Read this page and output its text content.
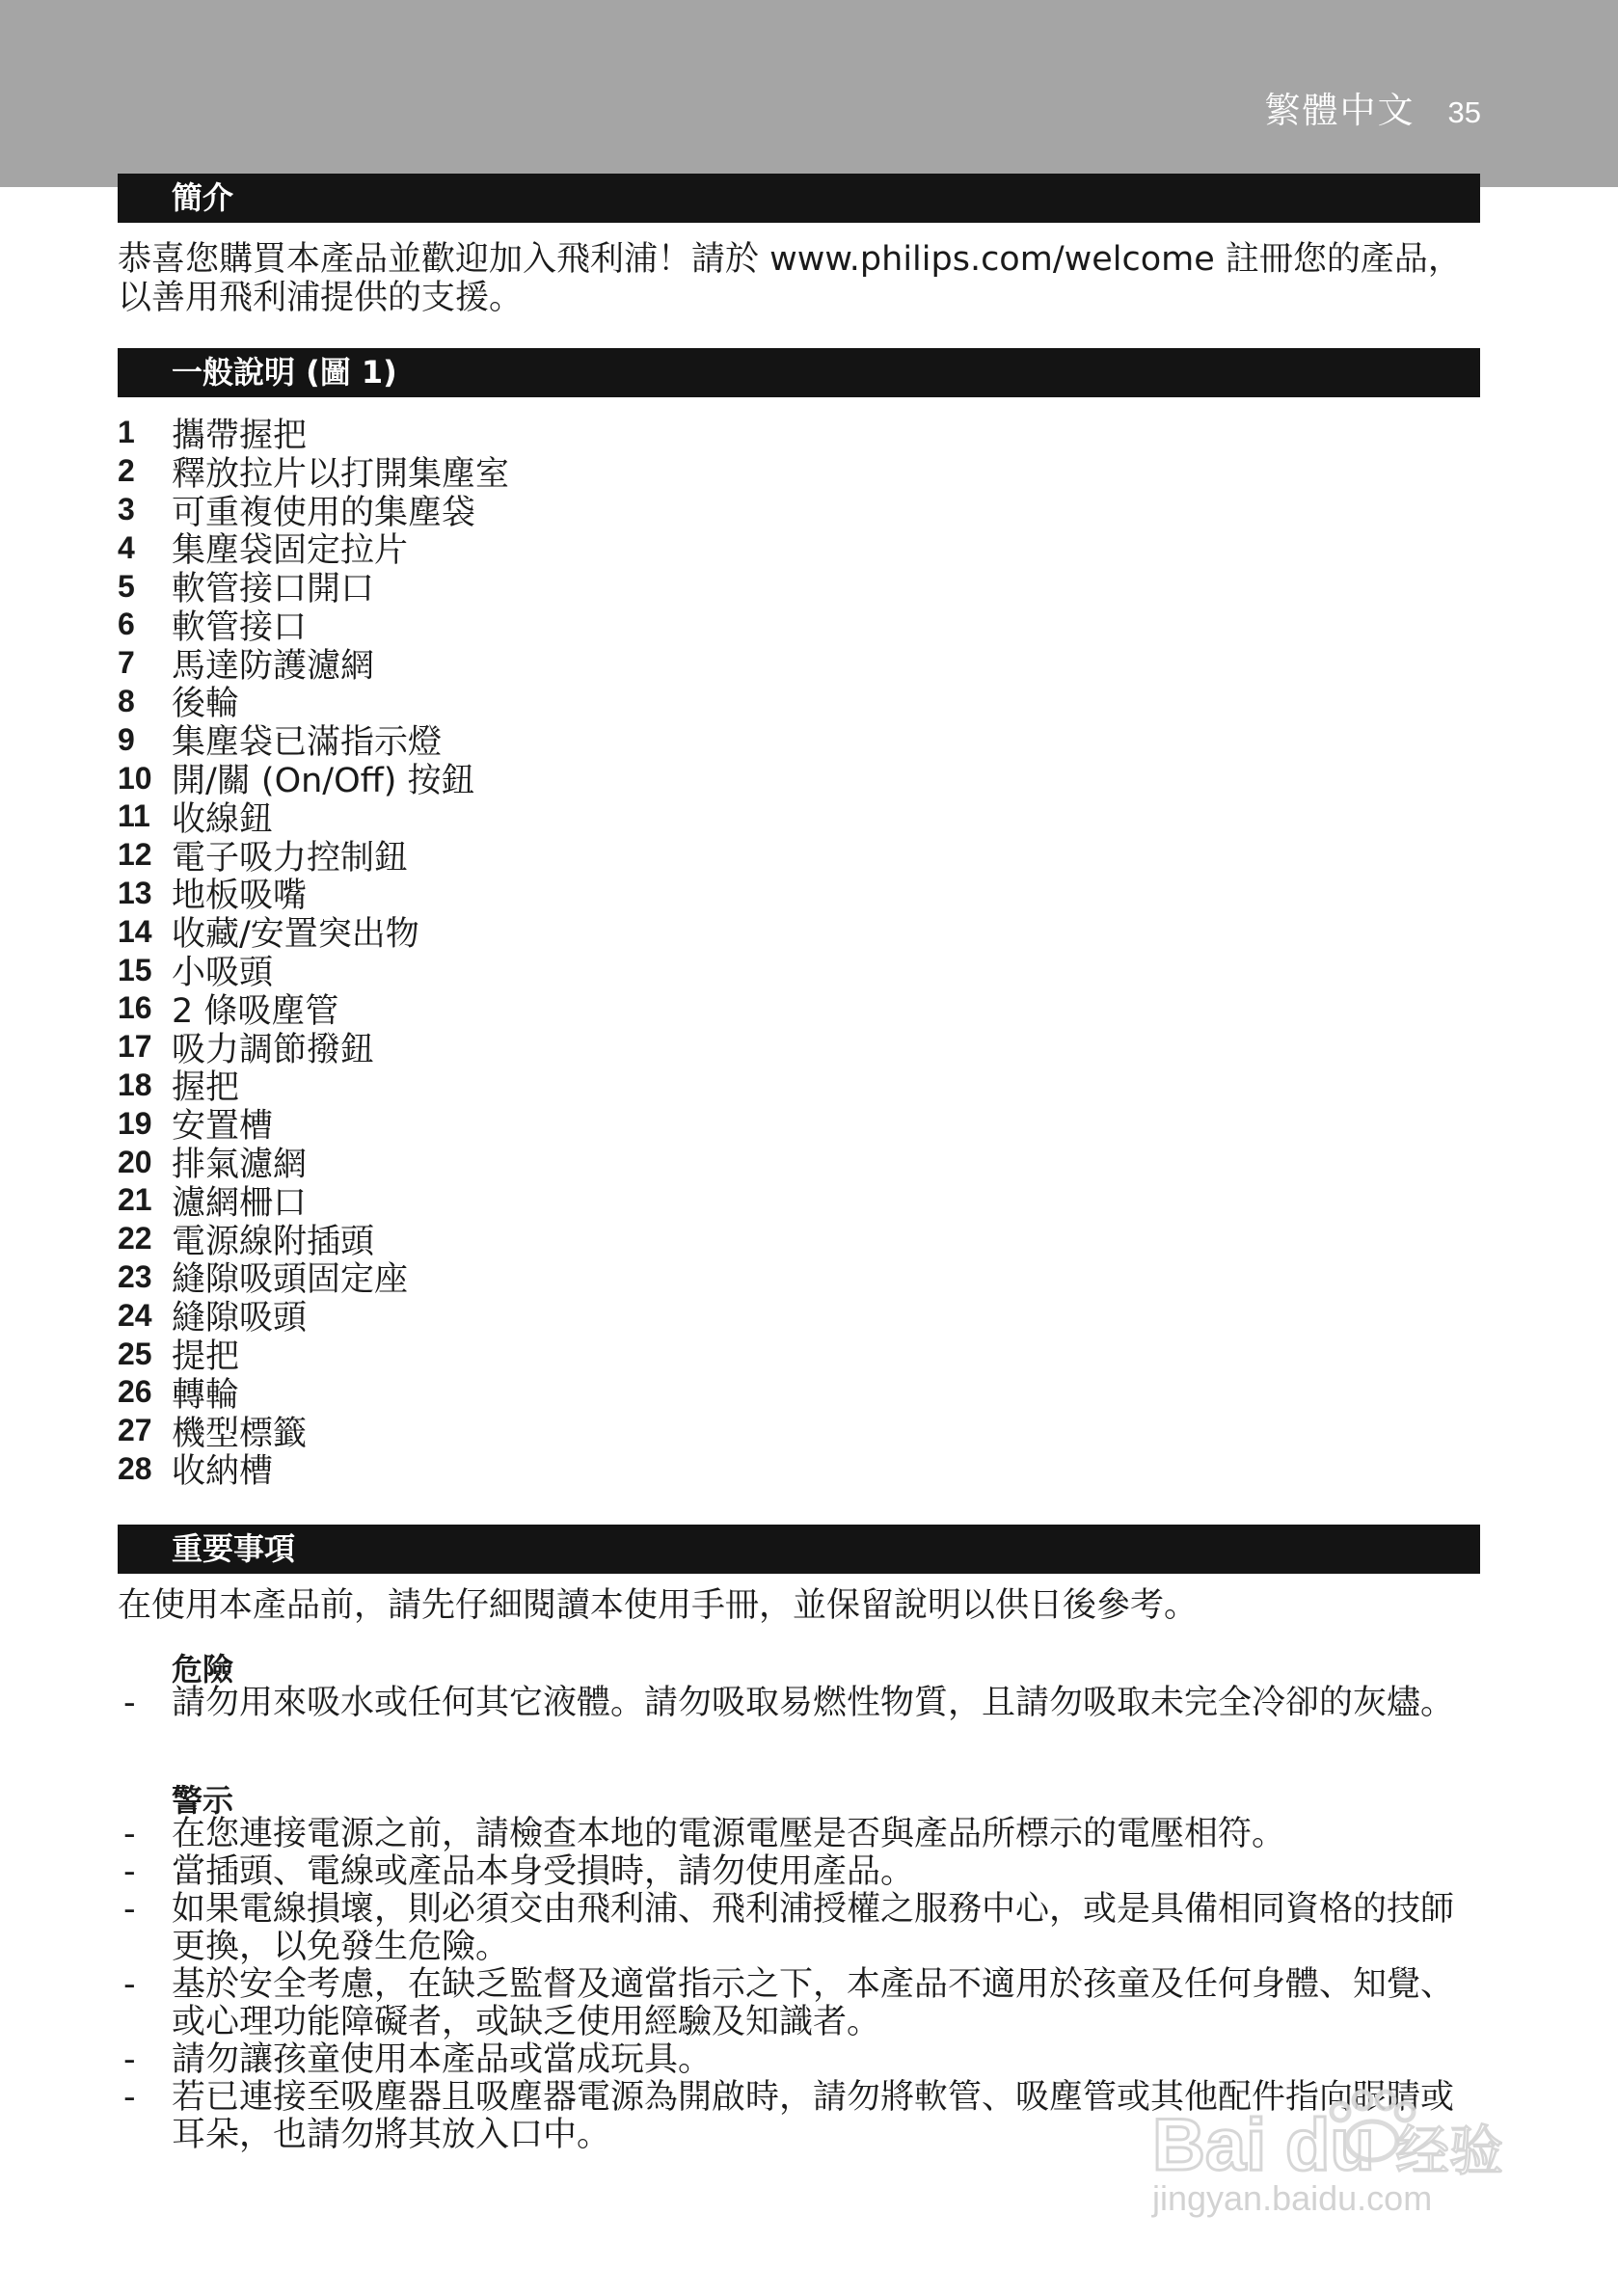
繁體中文 35
簡介
恭喜您購買本產品並歡迎加入飛利浦！請於 www.philips.com/welcome 註冊您的產品，以善用飛利浦提供的支援。
一般說明 (圖 1)
1	攜帶握把
2	釋放拉片以打開集塵室
3	可重複使用的集塵袋
4	集塵袋固定拉片
5	軟管接口開口
6	軟管接口
7	馬達防護濾網
8	後輪
9	集塵袋已滿指示燈
10 開/關 (On/Off) 按鈕
11 收線鈕
12 電子吸力控制鈕
13 地板吸嘴
14 收藏/安置突出物
15 小吸頭
16 2 條吸塵管
17 吸力調節撥鈕
18 握把
19 安置槽
20 排氣濾網
21 濾網柵口
22 電源線附插頭
23 縫隙吸頭固定座
24 縫隙吸頭
25 提把
26 轉輪
27 機型標籤
28 收納槽
重要事項
在使用本產品前，請先仔細閱讀本使用手冊，並保留說明以供日後參考。
危險
- 請勿用來吸水或任何其它液體。請勿吸取易燃性物質，且請勿吸取未完全冷卻的灰燼。
警示
- 在您連接電源之前，請檢查本地的電源電壓是否與產品所標示的電壓相符。
- 當插頭、電線或產品本身受損時，請勿使用產品。
- 如果電線損壞，則必須交由飛利浦、飛利浦授權之服務中心，或是具備相同資格的技師更換，以免發生危險。
- 基於安全考慮，在缺乏監督及適當指示之下，本產品不適用於孩童及任何身體、知覺、或心理功能障礙者，或缺乏使用經驗及知識者。
- 請勿讓孩童使用本產品或當成玩具。
- 若已連接至吸塵器且吸塵器電源為開啟時，請勿將軟管、吸塵管或其他配件指向眼睛或耳朵，也請勿將其放入口中。	Bai du 经验
jingyan.baidu.com
